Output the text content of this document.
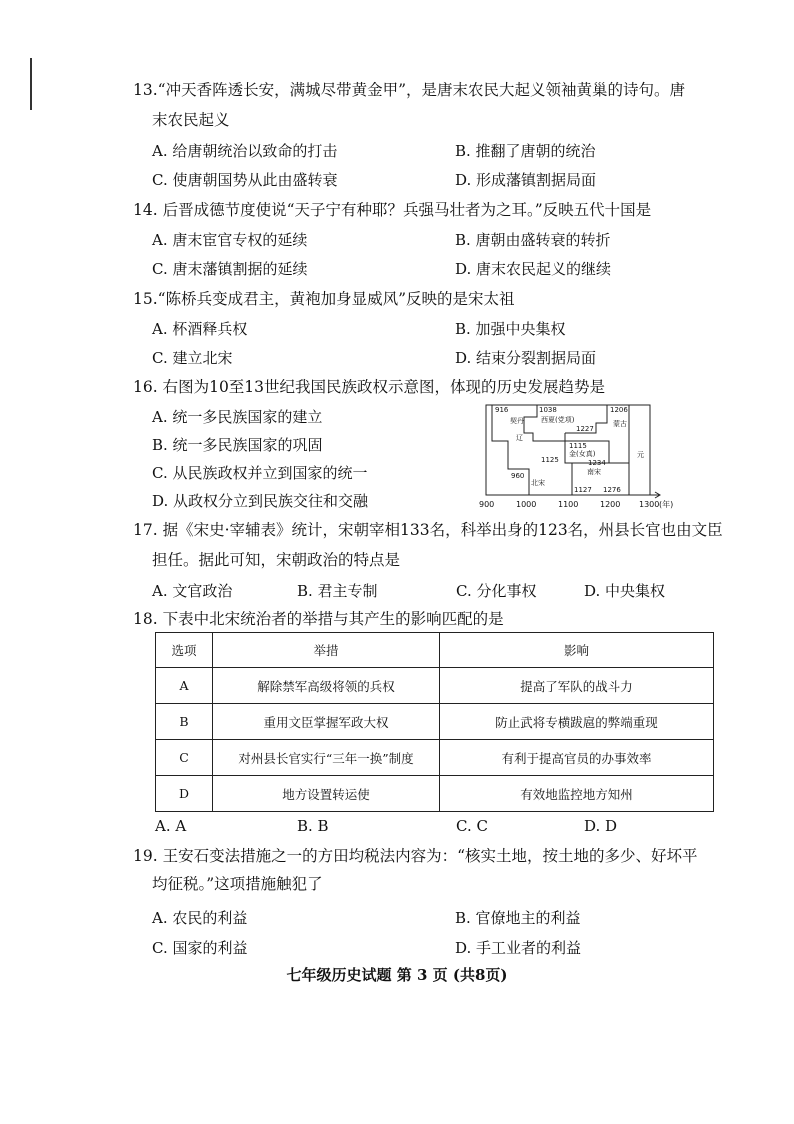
13.“冲天香阵透长安，满城尽带黄金甲”，是唐末农民大起义领袖黄巢的诗句。唐
末农民起义
A. 给唐朝统治以致命的打击	B. 推翻了唐朝的统治
C. 使唐朝国势从此由盛转衰	D. 形成藩镇割据局面
14. 后晋成德节度使说“天子宁有种耶？兵强马壮者为之耳。”反映五代十国是
A. 唐末宦官专权的延续	B. 唐朝由盛转衰的转折
C. 唐末藩镇割据的延续	D. 唐末农民起义的继续
15.“陈桥兵变成君主，黄袍加身显威风”反映的是宋太祖
A. 杯酒释兵权	B. 加强中央集权
C. 建立北宋	D. 结束分裂割据局面
16. 右图为10至13世纪我国民族政权示意图，体现的历史发展趋势是
A. 统一多民族国家的建立
B. 统一多民族国家的巩固
C. 从民族政权并立到国家的统一
D. 从政权分立到民族交往和交融
916
契丹
辽
1125
1038
西夏(党项)
1227
1206
蒙古
元
1115
金(女真)
1234
南宋
1127 1276
960
北宋
900	1000	1100	1200 1300 (年)
17. 据《宋史·宰辅表》统计，宋朝宰相133名，科举出身的123名，州县长官也由文臣
担任。据此可知，宋朝政治的特点是
A. 文官政治	B. 君主专制	C. 分化事权	D. 中央集权
18. 下表中北宋统治者的举措与其产生的影响匹配的是
选项	举措	影响
A	解除禁军高级将领的兵权	提高了军队的战斗力
B	重用文臣掌握军政大权	防止武将专横跋扈的弊端重现
C	对州县长官实行“三年一换”制度	有利于提高官员的办事效率
D	地方设置转运使	有效地监控地方知州
A. A	B. B	C. C	D. D
19. 王安石变法措施之一的方田均税法内容为：“核实土地，按土地的多少、好坏平
均征税。”这项措施触犯了
A. 农民的利益	B. 官僚地主的利益
C. 国家的利益	D. 手工业者的利益
七年级历史试题 第 3 页 (共8页)
